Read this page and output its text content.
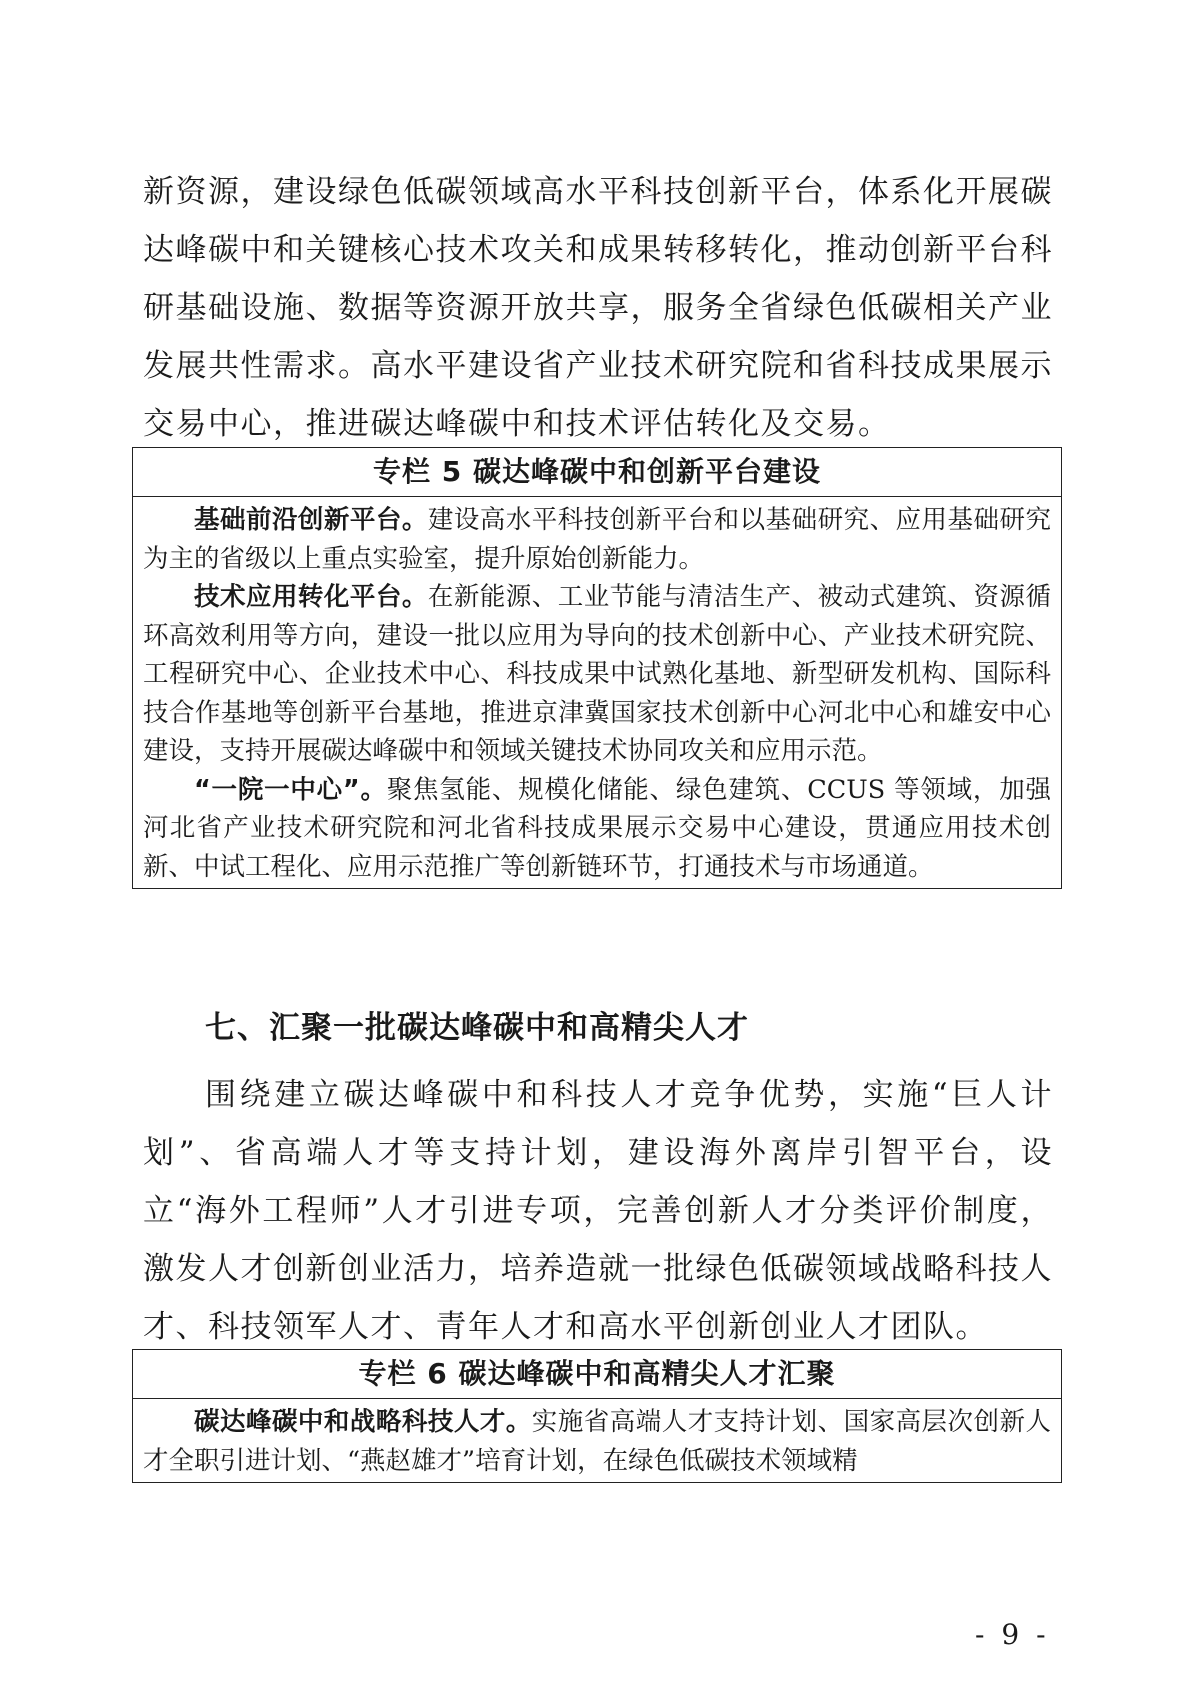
新资源，建设绿色低碳领域高水平科技创新平台，体系化开展碳达峰碳中和关键核心技术攻关和成果转移转化，推动创新平台科研基础设施、数据等资源开放共享，服务全省绿色低碳相关产业发展共性需求。高水平建设省产业技术研究院和省科技成果展示交易中心，推进碳达峰碳中和技术评估转化及交易。

专栏 5 碳达峰碳中和创新平台建设

基础前沿创新平台。建设高水平科技创新平台和以基础研究、应用基础研究为主的省级以上重点实验室，提升原始创新能力。

技术应用转化平台。在新能源、工业节能与清洁生产、被动式建筑、资源循环高效利用等方向，建设一批以应用为导向的技术创新中心、产业技术研究院、工程研究中心、企业技术中心、科技成果中试熟化基地、新型研发机构、国际科技合作基地等创新平台基地，推进京津冀国家技术创新中心河北中心和雄安中心建设，支持开展碳达峰碳中和领域关键技术协同攻关和应用示范。

“一院一中心”。聚焦氢能、规模化储能、绿色建筑、CCUS 等领域，加强河北省产业技术研究院和河北省科技成果展示交易中心建设，贯通应用技术创新、中试工程化、应用示范推广等创新链环节，打通技术与市场通道。

七、汇聚一批碳达峰碳中和高精尖人才

围绕建立碳达峰碳中和科技人才竞争优势，实施“巨人计划”、省高端人才等支持计划，建设海外离岸引智平台，设立“海外工程师”人才引进专项，完善创新人才分类评价制度，激发人才创新创业活力，培养造就一批绿色低碳领域战略科技人才、科技领军人才、青年人才和高水平创新创业人才团队。

专栏 6 碳达峰碳中和高精尖人才汇聚

碳达峰碳中和战略科技人才。实施省高端人才支持计划、国家高层次创新人才全职引进计划、“燕赵雄才”培育计划，在绿色低碳技术领域精

- 9 -
